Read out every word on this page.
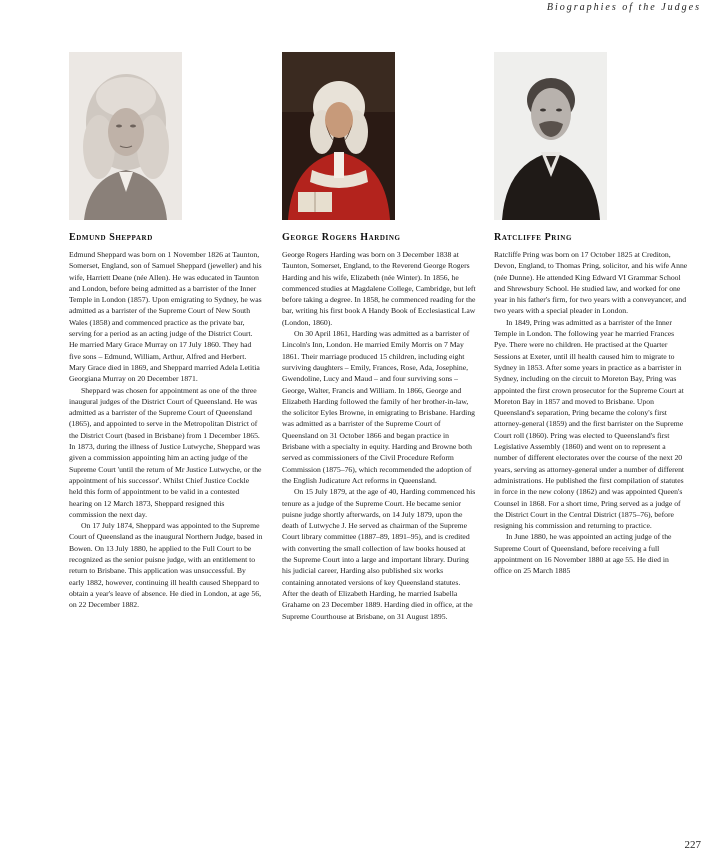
Biographies of the Judges
Edmund Sheppard

Edmund Sheppard was born on 1 November 1826 at Taunton, Somerset, England, son of Samuel Sheppard (jeweller) and his wife, Harriett Deane (née Allen). He was educated in Taunton and London, before being admitted as a barrister of the Inner Temple in London (1857). Upon emigrating to Sydney, he was admitted as a barrister of the Supreme Court of New South Wales (1858) and commenced practice as the private bar, serving for a period as an acting judge of the District Court. He married Mary Grace Murray on 17 July 1860. They had five sons – Edmund, William, Arthur, Alfred and Herbert. Mary Grace died in 1869, and Sheppard married Adela Letitia Georgiana Murray on 20 December 1871.

Sheppard was chosen for appointment as one of the three inaugural judges of the District Court of Queensland. He was admitted as a barrister of the Supreme Court of Queensland (1865), and appointed to serve in the Metropolitan District of the District Court (based in Brisbane) from 1 December 1865. In 1873, during the illness of Justice Lutwyche, Sheppard was given a commission appointing him an acting judge of the Supreme Court 'until the return of Mr Justice Lutwyche, or the appointment of his successor'. Whilst Chief Justice Cockle held this form of appointment to be valid in a contested hearing on 12 March 1873, Sheppard resigned this commission the next day.

On 17 July 1874, Sheppard was appointed to the Supreme Court of Queensland as the inaugural Northern Judge, based in Bowen. On 13 July 1880, he applied to the Full Court to be recognized as the senior puisne judge, with an entitlement to return to Brisbane. This application was unsuccessful. By early 1882, however, continuing ill health caused Sheppard to obtain a year's leave of absence. He died in London, at age 56, on 22 December 1882.

George Rogers Harding

George Rogers Harding was born on 3 December 1838 at Taunton, Somerset, England, to the Reverend George Rogers Harding and his wife, Elizabeth (née Winter). In 1856, he commenced studies at Magdalene College, Cambridge, but left before taking a degree. In 1858, he commenced reading for the bar, writing his first book A Handy Book of Ecclesiastical Law (London, 1860).

On 30 April 1861, Harding was admitted as a barrister of Lincoln's Inn, London. He married Emily Morris on 7 May 1861. Their marriage produced 15 children, including eight surviving daughters – Emily, Frances, Rose, Ada, Josephine, Gwendoline, Lucy and Maud – and four surviving sons – George, Walter, Francis and William. In 1866, George and Elizabeth Harding followed the family of her brother-in-law, the solicitor Eyles Browne, in emigrating to Brisbane. Harding was admitted as a barrister of the Supreme Court of Queensland on 31 October 1866 and began practice in Brisbane with a specialty in equity. Harding and Browne both served as commissioners of the Civil Procedure Reform Commission (1875–76), which recommended the adoption of the English Judicature Act reforms in Queensland.

On 15 July 1879, at the age of 40, Harding commenced his tenure as a judge of the Supreme Court. He became senior puisne judge shortly afterwards, on 14 July 1879, upon the death of Lutwyche J. He served as chairman of the Supreme Court library committee (1887–89, 1891–95), and is credited with converting the small collection of law books housed at the Supreme Court into a large and important library. During his judicial career, Harding also published six works containing annotated versions of key Queensland statutes. After the death of Elizabeth Harding, he married Isabella Grahame on 23 December 1889. Harding died in office, at the Supreme Courthouse at Brisbane, on 31 August 1895.

Ratcliffe Pring

Ratcliffe Pring was born on 17 October 1825 at Crediton, Devon, England, to Thomas Pring, solicitor, and his wife Anne (née Dunne). He attended King Edward VI Grammar School and Shrewsbury School. He studied law, and worked for one year in his father's firm, for two years with a conveyancer, and two years with a special pleader in London.

In 1849, Pring was admitted as a barrister of the Inner Temple in London. The following year he married Frances Pye. There were no children. He practised at the Quarter Sessions at Exeter, until ill health caused him to migrate to Sydney in 1853. After some years in practice as a barrister in Sydney, including on the circuit to Moreton Bay, Pring was appointed the first crown prosecutor for the Supreme Court at Moreton Bay in 1857 and moved to Brisbane. Upon Queensland's separation, Pring became the colony's first attorney-general (1859) and the first barrister on the Supreme Court roll (1860). Pring was elected to Queensland's first Legislative Assembly (1860) and went on to represent a number of different electorates over the course of the next 20 years, serving as attorney-general under a number of different administrations. He published the first compilation of statutes in force in the new colony (1862) and was appointed Queen's Counsel in 1868. For a short time, Pring served as a judge of the District Court in the Central District (1875–76), before resigning his commission and returning to practice.

In June 1880, he was appointed an acting judge of the Supreme Court of Queensland, before receiving a full appointment on 16 November 1880 at age 55. He died in office on 25 March 1885

227
